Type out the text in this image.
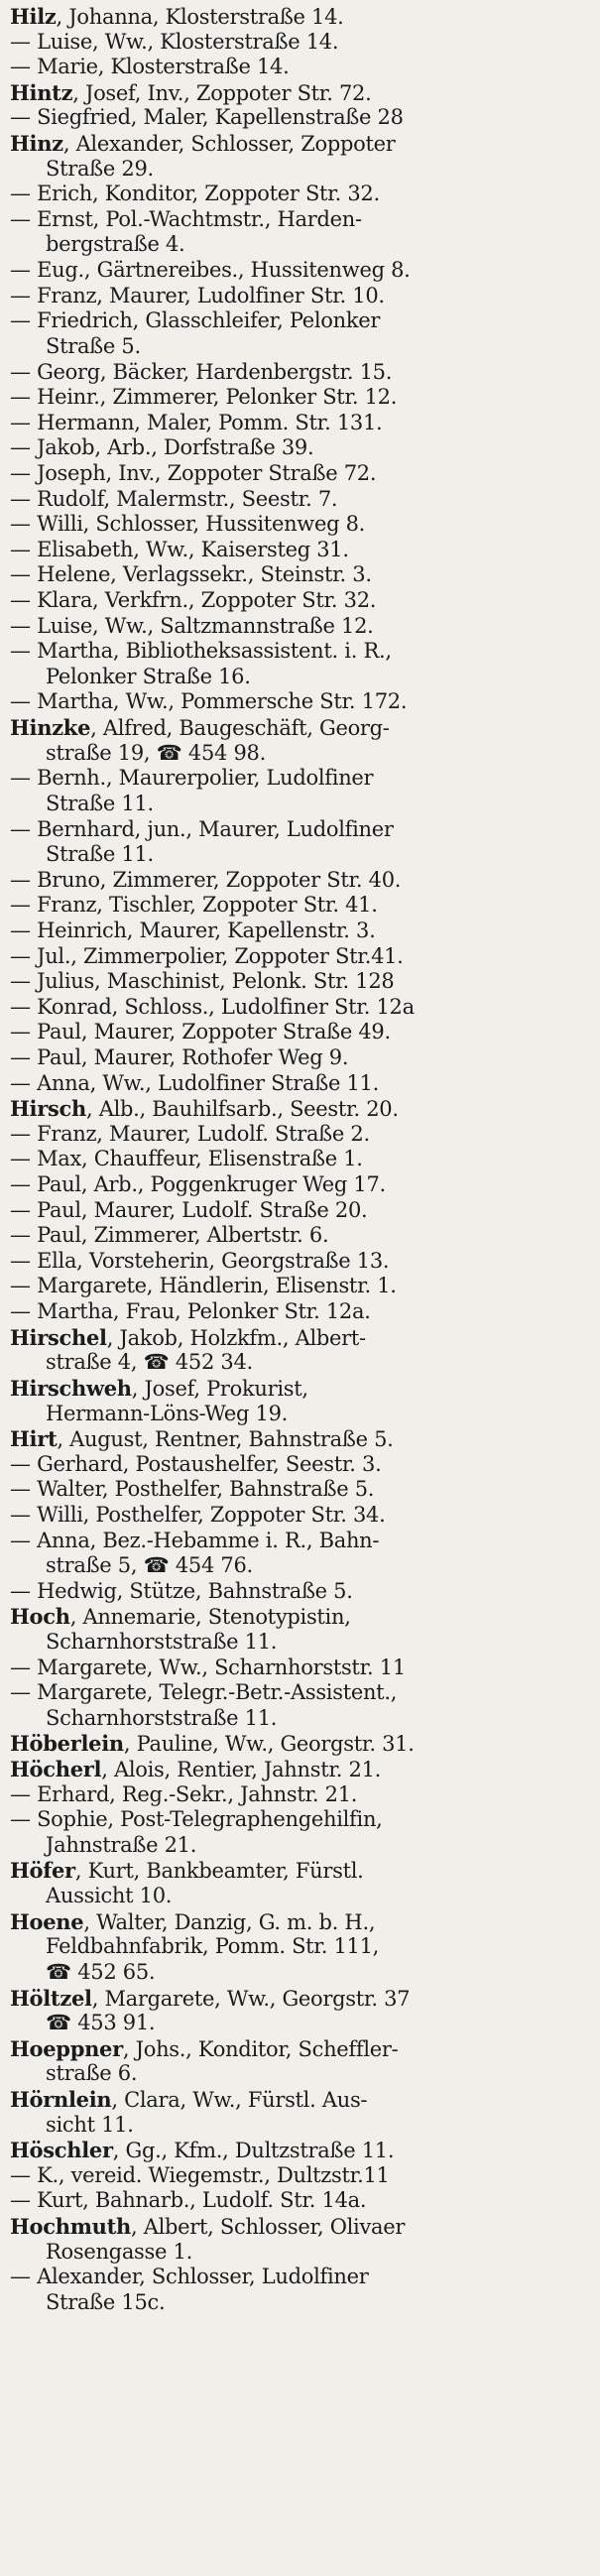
Hilz, Johanna, Klosterstraße 14.
— Luise, Ww., Klosterstraße 14.
— Marie, Klosterstraße 14.
Hintz, Josef, Inv., Zoppoter Str. 72.
— Siegfried, Maler, Kapellenstraße 28
Hinz, Alexander, Schlosser, Zoppoter
Straße 29.
— Erich, Konditor, Zoppoter Str. 32.
— Ernst, Pol.-Wachtmstr., Harden-
bergstraße 4.
— Eug., Gärtnereibes., Hussitenweg 8.
— Franz, Maurer, Ludolfiner Str. 10.
— Friedrich, Glasschleifer, Pelonker
Straße 5.
— Georg, Bäcker, Hardenbergstr. 15.
— Heinr., Zimmerer, Pelonker Str. 12.
— Hermann, Maler, Pomm. Str. 131.
— Jakob, Arb., Dorfstraße 39.
— Joseph, Inv., Zoppoter Straße 72.
— Rudolf, Malermstr., Seestr. 7.
— Willi, Schlosser, Hussitenweg 8.
— Elisabeth, Ww., Kaisersteg 31.
— Helene, Verlagssekr., Steinstr. 3.
— Klara, Verkfrn., Zoppoter Str. 32.
— Luise, Ww., Saltzmannstraße 12.
— Martha, Bibliotheksassistent. i. R.,
Pelonker Straße 16.
— Martha, Ww., Pommersche Str. 172.
Hinzke, Alfred, Baugeschäft, Georg-
straße 19, ☎ 454 98.
— Bernh., Maurerpolier, Ludolfiner
Straße 11.
— Bernhard, jun., Maurer, Ludolfiner
Straße 11.
— Bruno, Zimmerer, Zoppoter Str. 40.
— Franz, Tischler, Zoppoter Str. 41.
— Heinrich, Maurer, Kapellenstr. 3.
— Jul., Zimmerpolier, Zoppoter Str.41.
— Julius, Maschinist, Pelonk. Str. 128
— Konrad, Schloss., Ludolfiner Str. 12a
— Paul, Maurer, Zoppoter Straße 49.
— Paul, Maurer, Rothofer Weg 9.
— Anna, Ww., Ludolfiner Straße 11.
Hirsch, Alb., Bauhilfsarb., Seestr. 20.
— Franz, Maurer, Ludolf. Straße 2.
— Max, Chauffeur, Elisenstraße 1.
— Paul, Arb., Poggenkruger Weg 17.
— Paul, Maurer, Ludolf. Straße 20.
— Paul, Zimmerer, Albertstr. 6.
— Ella, Vorsteherin, Georgstraße 13.
— Margarete, Händlerin, Elisenstr. 1.
— Martha, Frau, Pelonker Str. 12a.
Hirschel, Jakob, Holzkfm., Albert-
straße 4, ☎ 452 34.
Hirschweh, Josef, Prokurist,
Hermann-Löns-Weg 19.
Hirt, August, Rentner, Bahnstraße 5.
— Gerhard, Postaushelfer, Seestr. 3.
— Walter, Posthelfer, Bahnstraße 5.
— Willi, Posthelfer, Zoppoter Str. 34.
— Anna, Bez.-Hebamme i. R., Bahn-
straße 5, ☎ 454 76.
— Hedwig, Stütze, Bahnstraße 5.
Hoch, Annemarie, Stenotypistin,
Scharnhorststraße 11.
— Margarete, Ww., Scharnhorststr. 11
— Margarete, Telegr.-Betr.-Assistent.,
Scharnhorststraße 11.
Höberlein, Pauline, Ww., Georgstr. 31.
Höcherl, Alois, Rentier, Jahnstr. 21.
— Erhard, Reg.-Sekr., Jahnstr. 21.
— Sophie, Post-Telegraphengehilfin,
Jahnstraße 21.
Höfer, Kurt, Bankbeamter, Fürstl.
Aussicht 10.
Hoene, Walter, Danzig, G. m. b. H.,
Feldbahnfabrik, Pomm. Str. 111,
☎ 452 65.
Höltzel, Margarete, Ww., Georgstr. 37
☎ 453 91.
Hoeppner, Johs., Konditor, Scheffler-
straße 6.
Hörnlein, Clara, Ww., Fürstl. Aus-
sicht 11.
Höschler, Gg., Kfm., Dultzstraße 11.
— K., vereid. Wiegemstr., Dultzstr.11
— Kurt, Bahnarb., Ludolf. Str. 14a.
Hochmuth, Albert, Schlosser, Olivaer
Rosengasse 1.
— Alexander, Schlosser, Ludolfiner
Straße 15c.
